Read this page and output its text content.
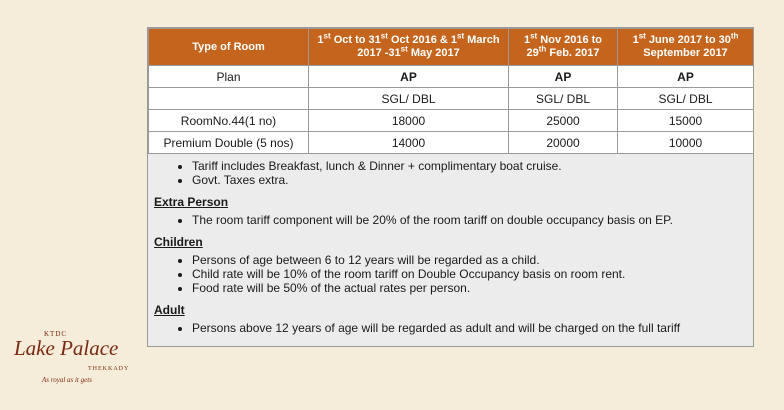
Type of Room	1st Oct to 31st Oct 2016 & 1st March 2017 -31st May 2017	1st Nov 2016 to 29th Feb. 2017	1st June 2017 to 30th September 2017
Plan	AP	AP	AP
	SGL/ DBL	SGL/ DBL	SGL/ DBL
RoomNo.44(1 no)	18000	25000	15000
Premium Double (5 nos)	14000	20000	10000
• Tariff includes Breakfast, lunch & Dinner + complimentary boat cruise.
• Govt. Taxes extra.
Extra Person
• The room tariff component will be 20% of the room tariff on double occupancy basis on EP.
Children
• Persons of age between 6 to 12 years will be regarded as a child.
• Child rate will be 10% of the room tariff on Double Occupancy basis on room rent.
• Food rate will be 50% of the actual rates per person.
Adult
• Persons above 12 years of age will be regarded as adult and will be charged on the full tariff
KTDC
Lake Palace
THEKKADY
As royal as it gets
